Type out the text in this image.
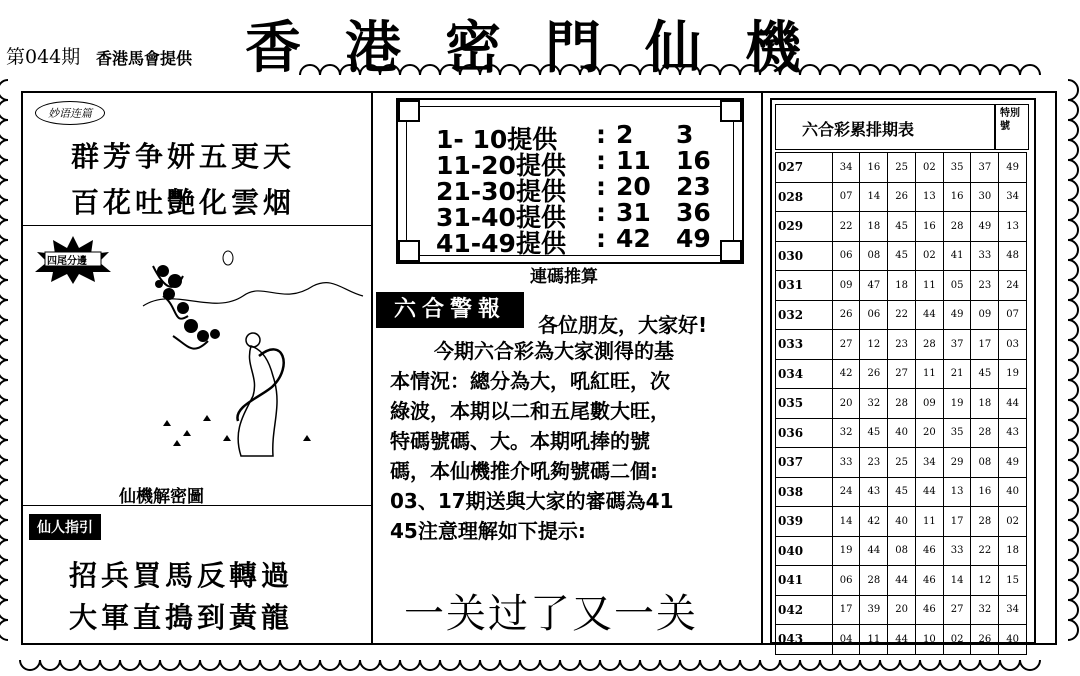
第044期 香港馬會提供 香港密門仙機
妙语连篇
群芳争妍五更天
百花吐艷化雲烟
四尾分邊
仙機解密圖
仙人指引
招兵買馬反轉過
大軍直搗到黃龍
1- 10提供 : 2 3
11-20提供 : 11 16
21-30提供 : 20 23
31-40提供 : 31 36
41-49提供 : 42 49
連碼推算
六合警報
各位朋友，大家好!
今期六合彩為大家測得的基
本情況：總分為大，吼紅旺，次
綠波，本期以二和五尾數大旺，
特碼號碼、大。本期吼捧的號
碼，本仙機推介吼夠號碼二個:
03、17期送與大家的審碼為41
45注意理解如下提示:
一关过了又一关
六合彩累排期表
特別號
027	34	16	25	02	35	37	49
028	07	14	26	13	16	30	34
029	22	18	45	16	28	49	13
030	06	08	45	02	41	33	48
031	09	47	18	11	05	23	24
032	26	06	22	44	49	09	07
033	27	12	23	28	37	17	03
034	42	26	27	11	21	45	19
035	20	32	28	09	19	18	44
036	32	45	40	20	35	28	43
037	33	23	25	34	29	08	49
038	24	43	45	44	13	16	40
039	14	42	40	11	17	28	02
040	19	44	08	46	33	22	18
041	06	28	44	46	14	12	15
042	17	39	20	46	27	32	34
043	04	11	44	10	02	26	40
